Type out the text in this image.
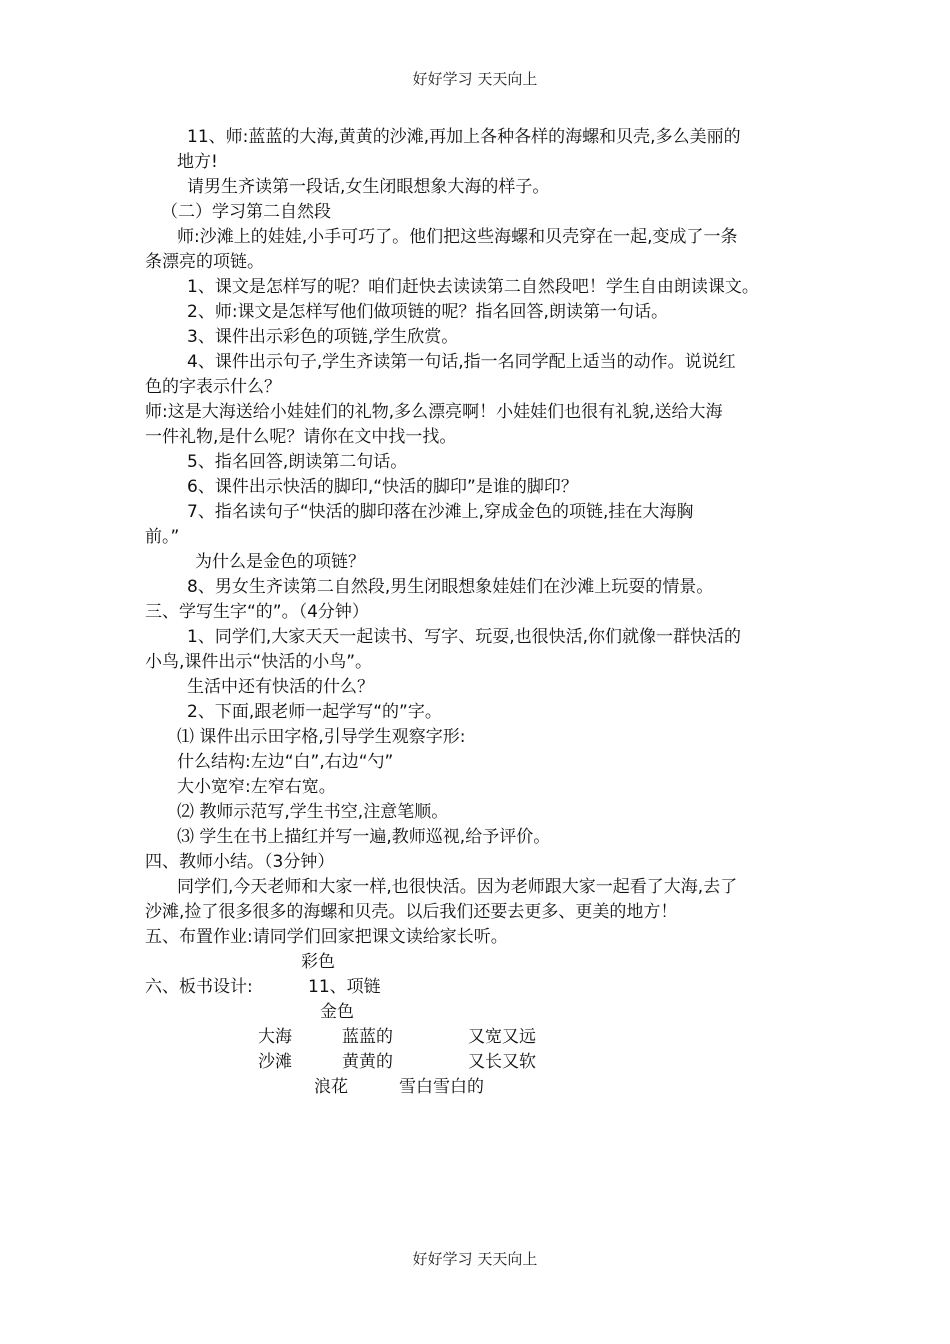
好好学习 天天向上
11、师:蓝蓝的大海,黄黄的沙滩,再加上各种各样的海螺和贝壳,多么美丽的
地方!
请男生齐读第一段话,女生闭眼想象大海的样子。
（二）学习第二自然段
师:沙滩上的娃娃,小手可巧了。他们把这些海螺和贝壳穿在一起,变成了一条
条漂亮的项链。
1、课文是怎样写的呢？咱们赶快去读读第二自然段吧！学生自由朗读课文。
2、师:课文是怎样写他们做项链的呢？指名回答,朗读第一句话。
3、课件出示彩色的项链,学生欣赏。
4、课件出示句子,学生齐读第一句话,指一名同学配上适当的动作。说说红
色的字表示什么？
师:这是大海送给小娃娃们的礼物,多么漂亮啊！小娃娃们也很有礼貌,送给大海
一件礼物,是什么呢？请你在文中找一找。
5、指名回答,朗读第二句话。
6、课件出示快活的脚印,“快活的脚印”是谁的脚印？
7、指名读句子“快活的脚印落在沙滩上,穿成金色的项链,挂在大海胸
前。”
为什么是金色的项链？
8、男女生齐读第二自然段,男生闭眼想象娃娃们在沙滩上玩耍的情景。
三、学写生字“的”。（4分钟）
1、同学们,大家天天一起读书、写字、玩耍,也很快活,你们就像一群快活的
小鸟,课件出示“快活的小鸟”。
生活中还有快活的什么？
2、下面,跟老师一起学写“的”字。
⑴ 课件出示田字格,引导学生观察字形:
什么结构:左边“白”,右边“勺”
大小宽窄:左窄右宽。
⑵ 教师示范写,学生书空,注意笔顺。
⑶ 学生在书上描红并写一遍,教师巡视,给予评价。
四、教师小结。（3分钟）
同学们,今天老师和大家一样,也很快活。因为老师跟大家一起看了大海,去了
沙滩,捡了很多很多的海螺和贝壳。以后我们还要去更多、更美的地方！
五、布置作业:请同学们回家把课文读给家长听。
彩色
六、板书设计:	11、项链
金色
大海	蓝蓝的	又宽又远
沙滩	黄黄的	又长又软
浪花	雪白雪白的
好好学习 天天向上
